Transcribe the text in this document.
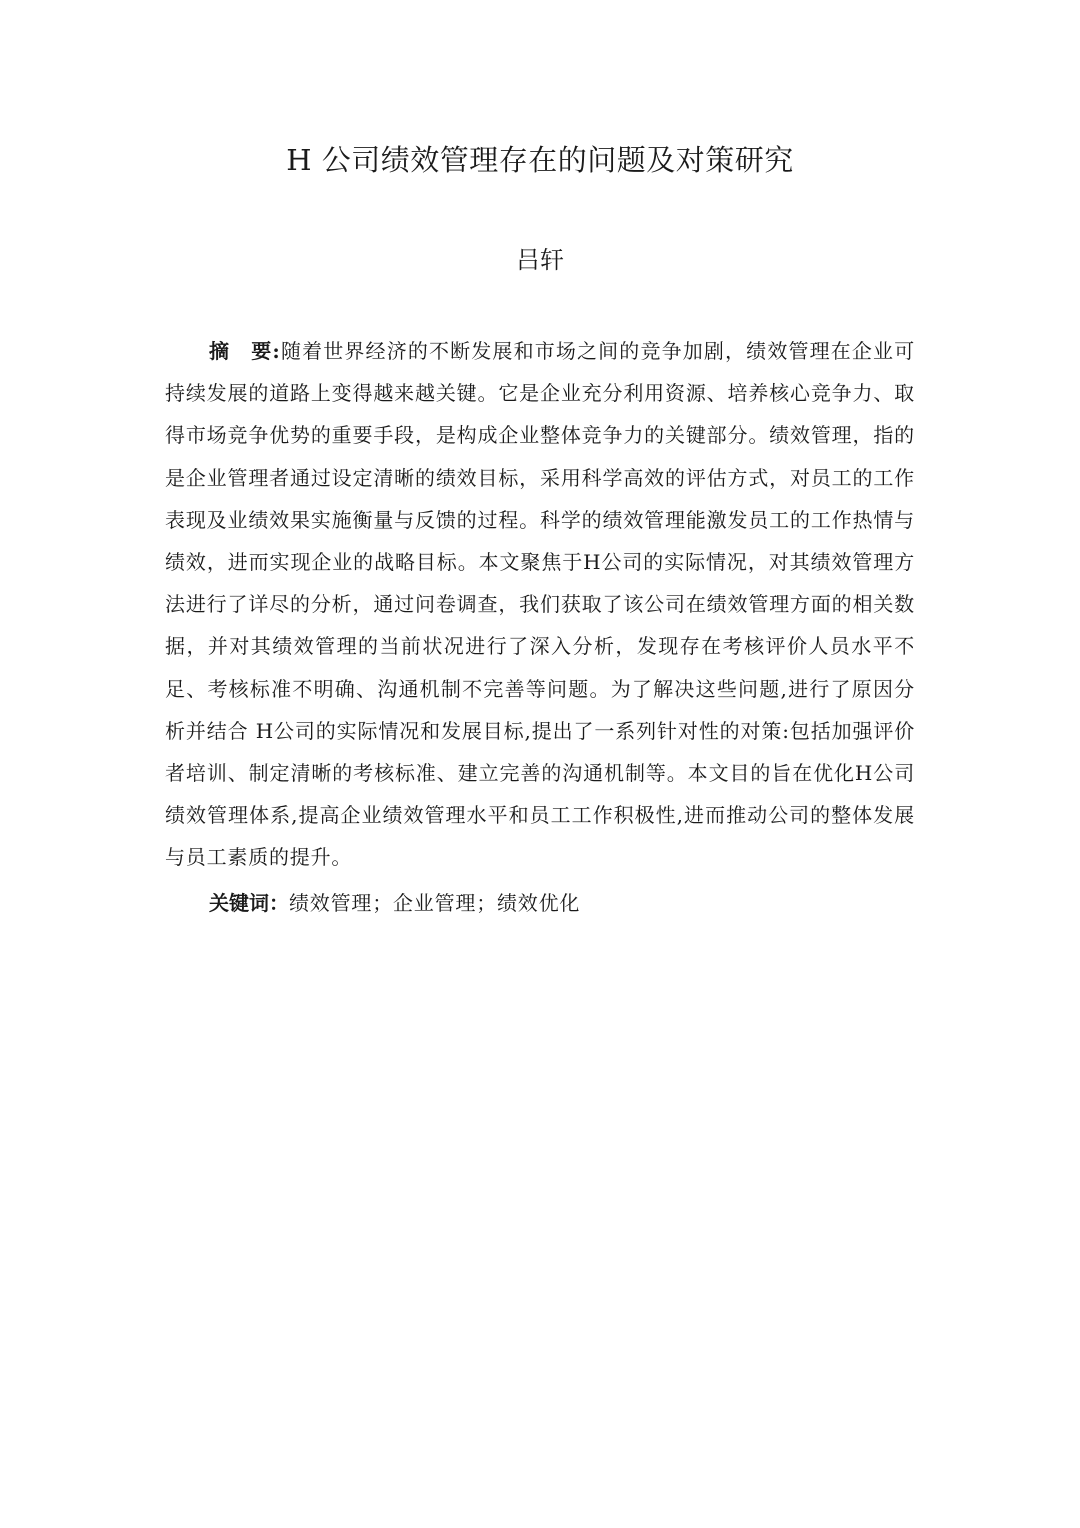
H 公司绩效管理存在的问题及对策研究
吕轩

摘　要:随着世界经济的不断发展和市场之间的竞争加剧，绩效管理在企业可持续发展的道路上变得越来越关键。它是企业充分利用资源、培养核心竞争力、取得市场竞争优势的重要手段，是构成企业整体竞争力的关键部分。绩效管理，指的是企业管理者通过设定清晰的绩效目标，采用科学高效的评估方式，对员工的工作表现及业绩效果实施衡量与反馈的过程。科学的绩效管理能激发员工的工作热情与绩效，进而实现企业的战略目标。本文聚焦于H公司的实际情况，对其绩效管理方法进行了详尽的分析，通过问卷调查，我们获取了该公司在绩效管理方面的相关数据，并对其绩效管理的当前状况进行了深入分析，发现存在考核评价人员水平不足、考核标准不明确、沟通机制不完善等问题。为了解决这些问题,进行了原因分析并结合 H公司的实际情况和发展目标,提出了一系列针对性的对策:包括加强评价者培训、制定清晰的考核标准、建立完善的沟通机制等。本文目的旨在优化H公司绩效管理体系,提高企业绩效管理水平和员工工作积极性,进而推动公司的整体发展与员工素质的提升。

关键词：绩效管理；企业管理；绩效优化
